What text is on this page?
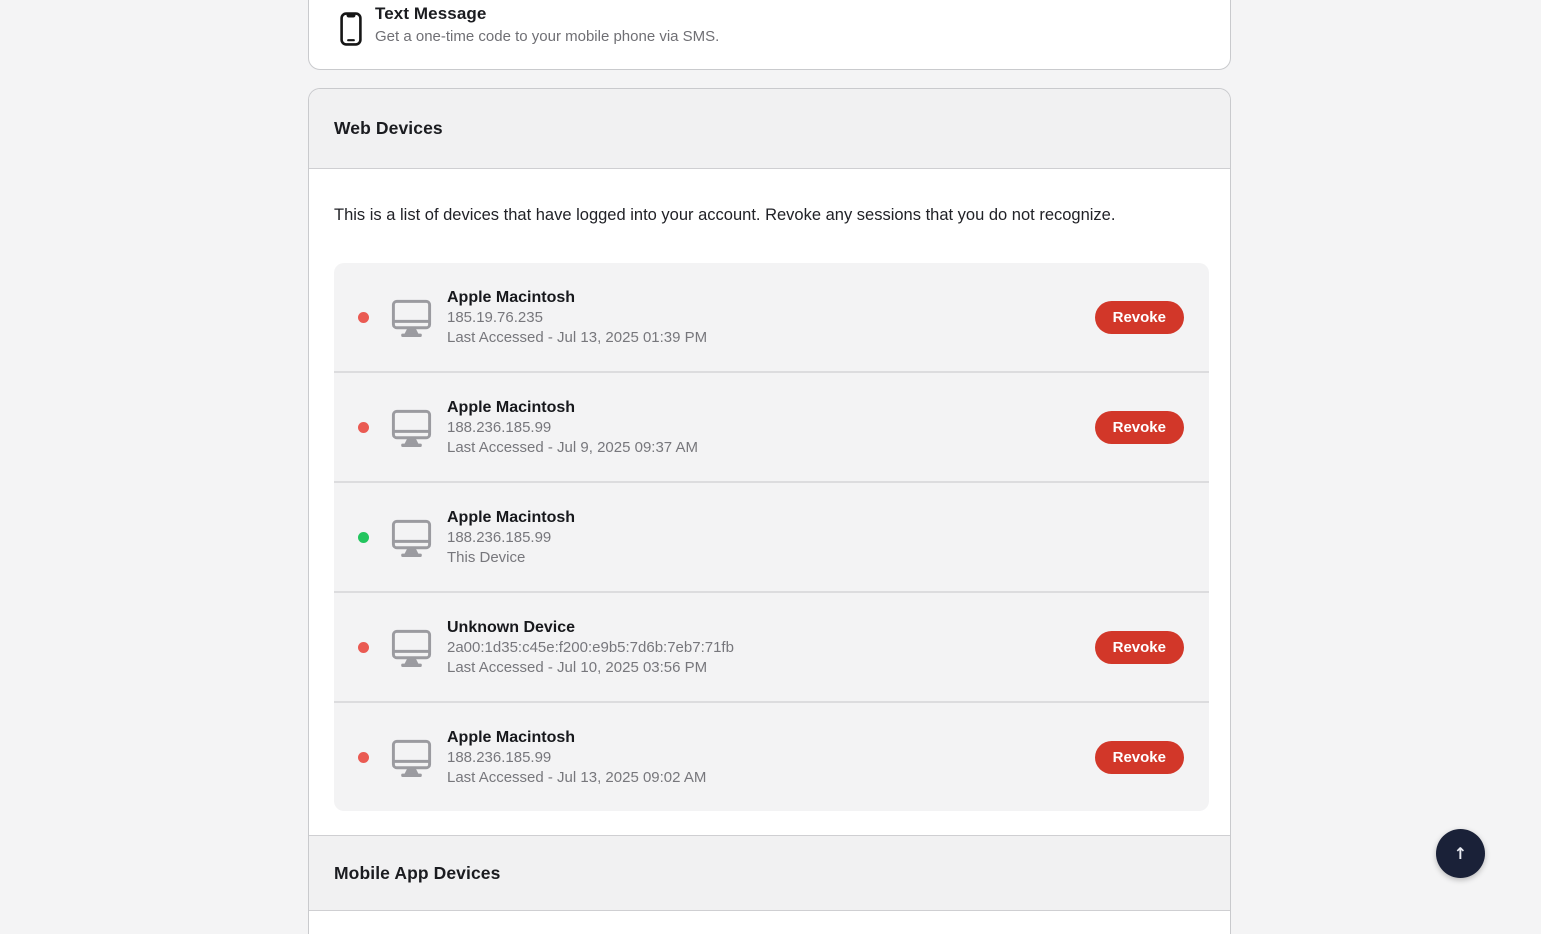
Text Message
Get a one-time code to your mobile phone via SMS.
Web Devices

This is a list of devices that have logged into your account. Revoke any sessions that you do not recognize.

Apple Macintosh
185.19.76.235
Last Accessed - Jul 13, 2025 01:39 PM
Revoke
Apple Macintosh
188.236.185.99
Last Accessed - Jul 9, 2025 09:37 AM
Revoke
Apple Macintosh
188.236.185.99
This Device
Unknown Device
2a00:1d35:c45e:f200:e9b5:7d6b:7eb7:71fb
Last Accessed - Jul 10, 2025 03:56 PM
Revoke
Apple Macintosh
188.236.185.99
Last Accessed - Jul 13, 2025 09:02 AM
Revoke
Mobile App Devices
↑
